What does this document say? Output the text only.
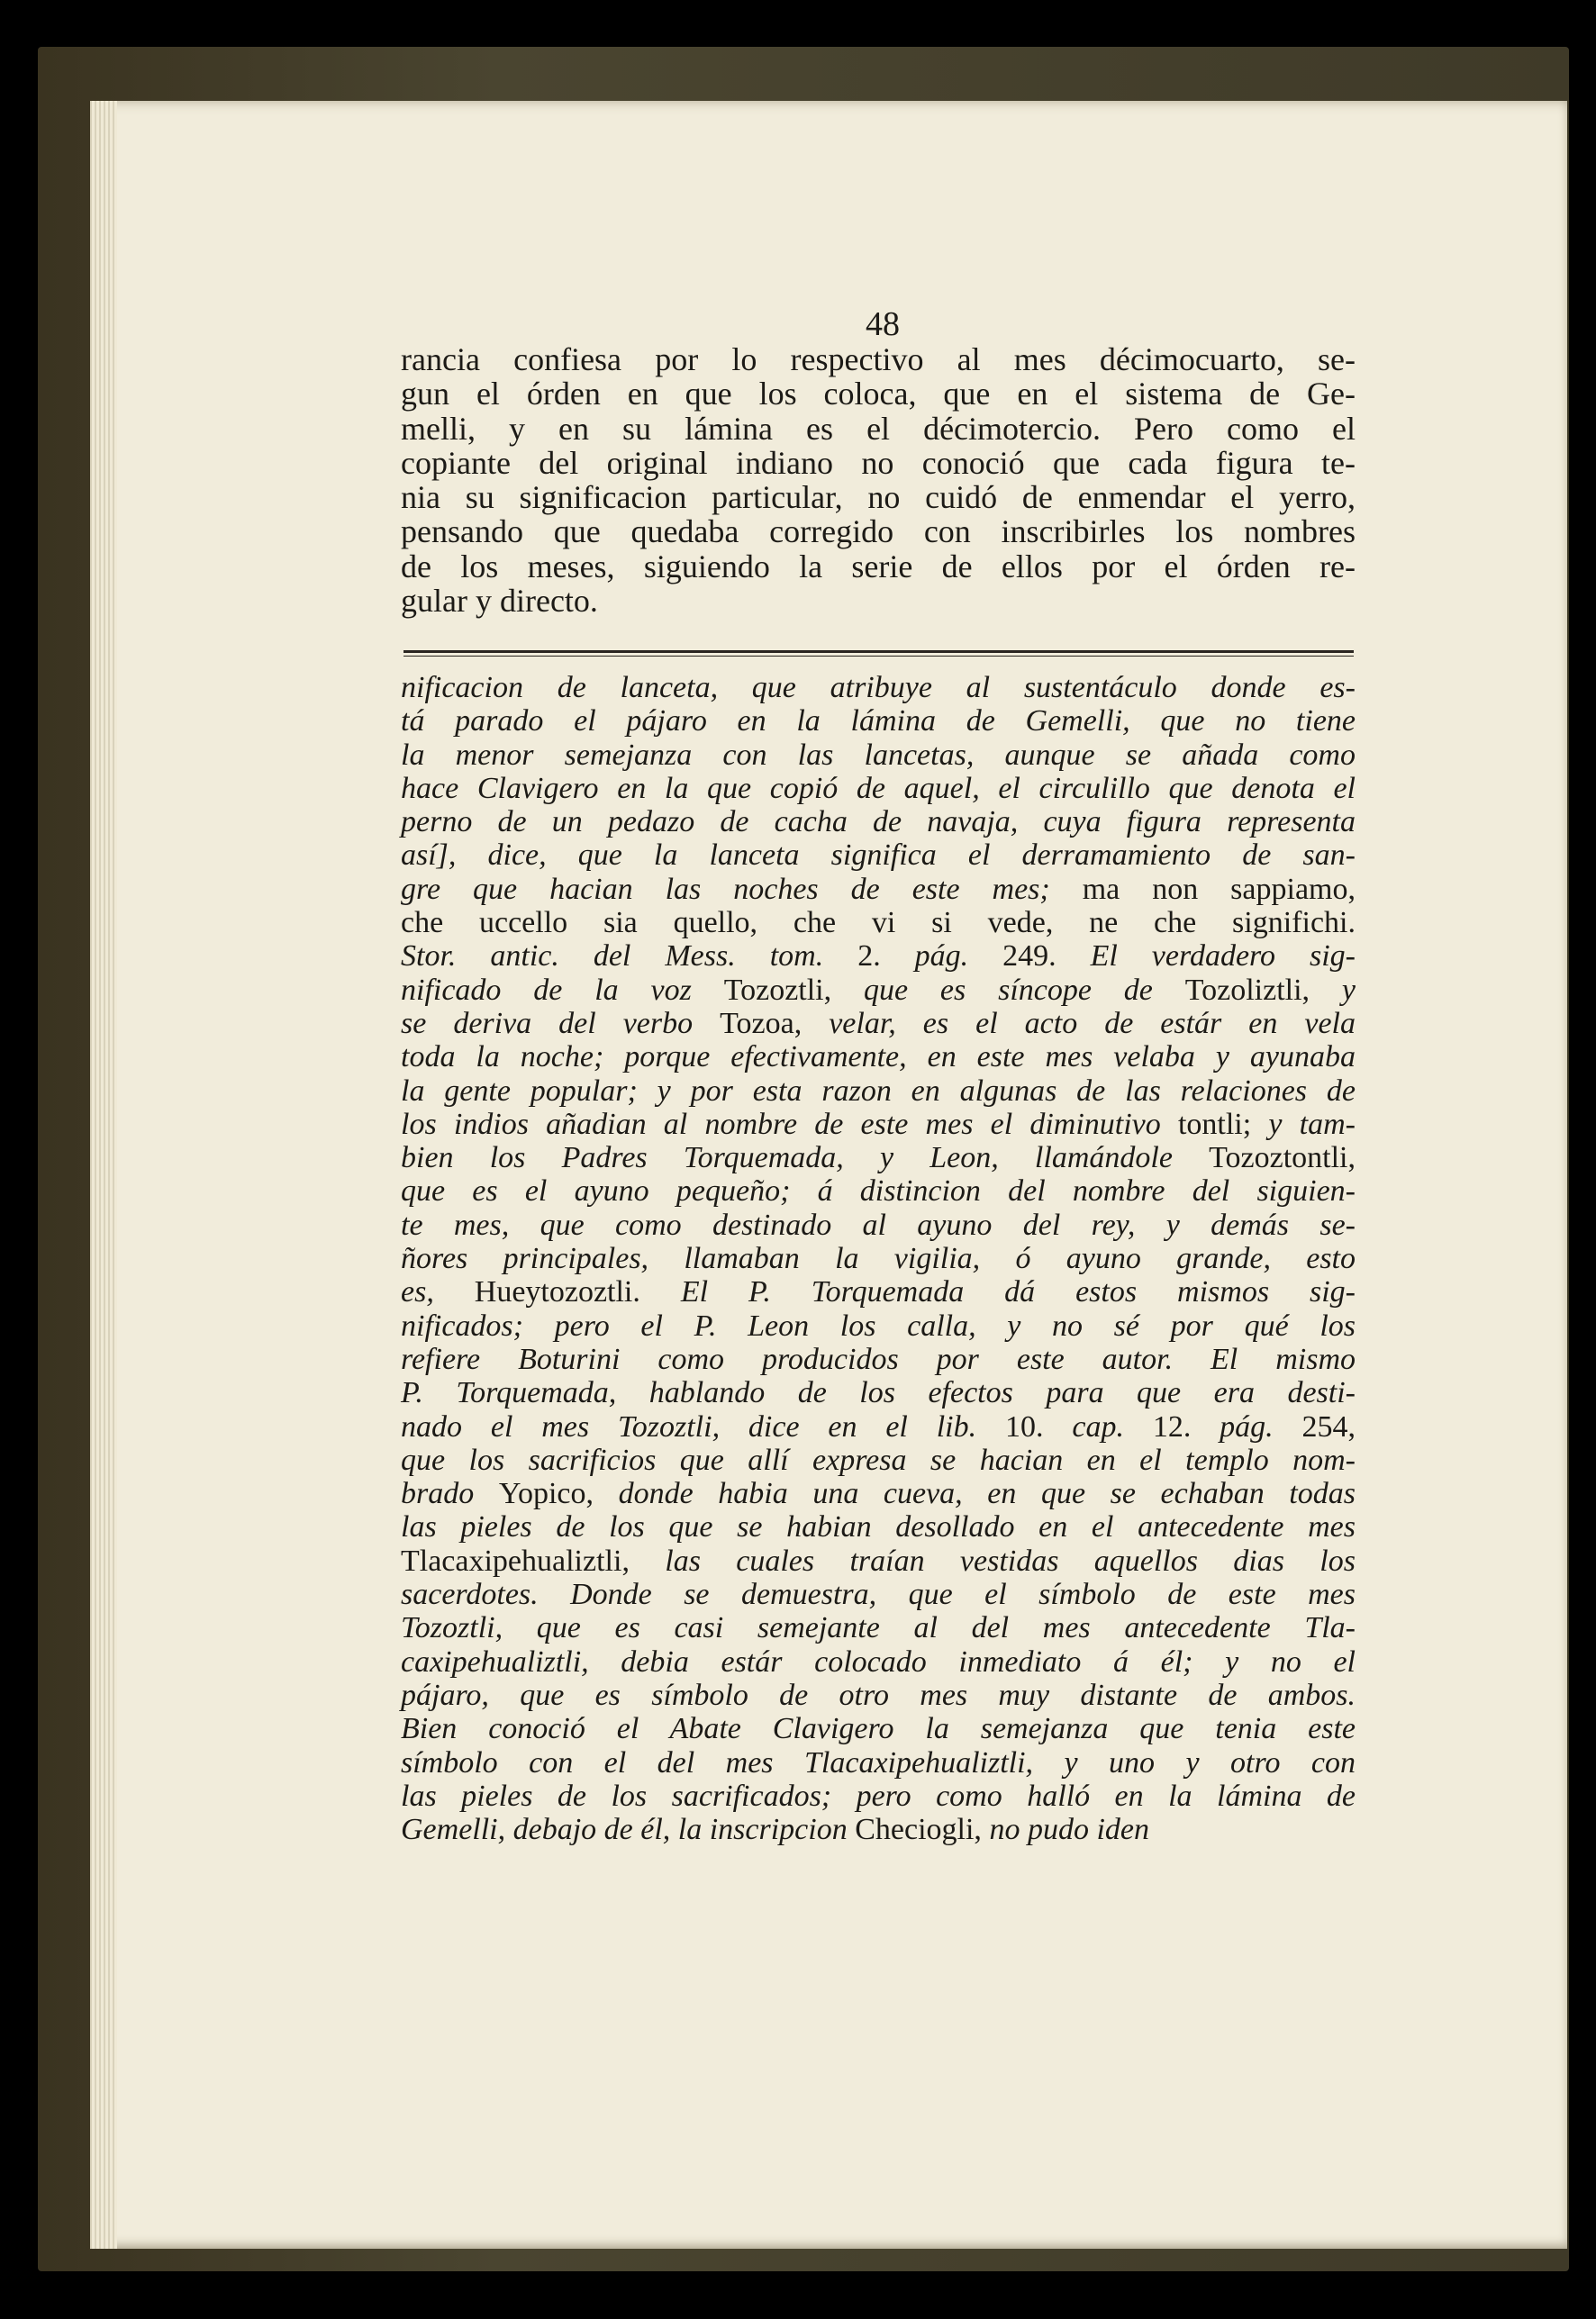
48
rancia confiesa por lo respectivo al mes décimocuarto, se-
gun el órden en que los coloca, que en el sistema de Ge-
melli, y en su lámina es el décimotercio. Pero como el
copiante del original indiano no conoció que cada figura te-
nia su significacion particular, no cuidó de enmendar el yerro,
pensando que quedaba corregido con inscribirles los nombres
de los meses, siguiendo la serie de ellos por el órden re-
gular y directo.
nificacion de lanceta, que atribuye al sustentáculo donde es-
tá parado el pájaro en la lámina de Gemelli, que no tiene
la menor semejanza con las lancetas, aunque se añada como
hace Clavigero en la que copió de aquel, el circulillo que denota el
perno de un pedazo de cacha de navaja, cuya figura representa
así], dice, que la lanceta significa el derramamiento de san-
gre que hacian las noches de este mes; ma non sappiamo,
che uccello sia quello, che vi si vede, ne che significhi.
Stor. antic. del Mess. tom. 2. pág. 249. El verdadero sig-
nificado de la voz Tozoztli, que es síncope de Tozoliztli, y
se deriva del verbo Tozoa, velar, es el acto de estár en vela
toda la noche; porque efectivamente, en este mes velaba y ayunaba
la gente popular; y por esta razon en algunas de las relaciones de
los indios añadian al nombre de este mes el diminutivo tontli; y tam-
bien los Padres Torquemada, y Leon, llamándole Tozoztontli,
que es el ayuno pequeño; á distincion del nombre del siguien-
te mes, que como destinado al ayuno del rey, y demás se-
ñores principales, llamaban la vigilia, ó ayuno grande, esto
es, Hueytozoztli. El P. Torquemada dá estos mismos sig-
nificados; pero el P. Leon los calla, y no sé por qué los
refiere Boturini como producidos por este autor. El mismo
P. Torquemada, hablando de los efectos para que era desti-
nado el mes Tozoztli, dice en el lib. 10. cap. 12. pág. 254,
que los sacrificios que allí expresa se hacian en el templo nom-
brado Yopico, donde habia una cueva, en que se echaban todas
las pieles de los que se habian desollado en el antecedente mes
Tlacaxipehualiztli, las cuales traían vestidas aquellos dias los
sacerdotes. Donde se demuestra, que el símbolo de este mes
Tozoztli, que es casi semejante al del mes antecedente Tla-
caxipehualiztli, debia estár colocado inmediato á él; y no el
pájaro, que es símbolo de otro mes muy distante de ambos.
Bien conoció el Abate Clavigero la semejanza que tenia este
símbolo con el del mes Tlacaxipehualiztli, y uno y otro con
las pieles de los sacrificados; pero como halló en la lámina de
Gemelli, debajo de él, la inscripcion Checiogli, no pudo iden
